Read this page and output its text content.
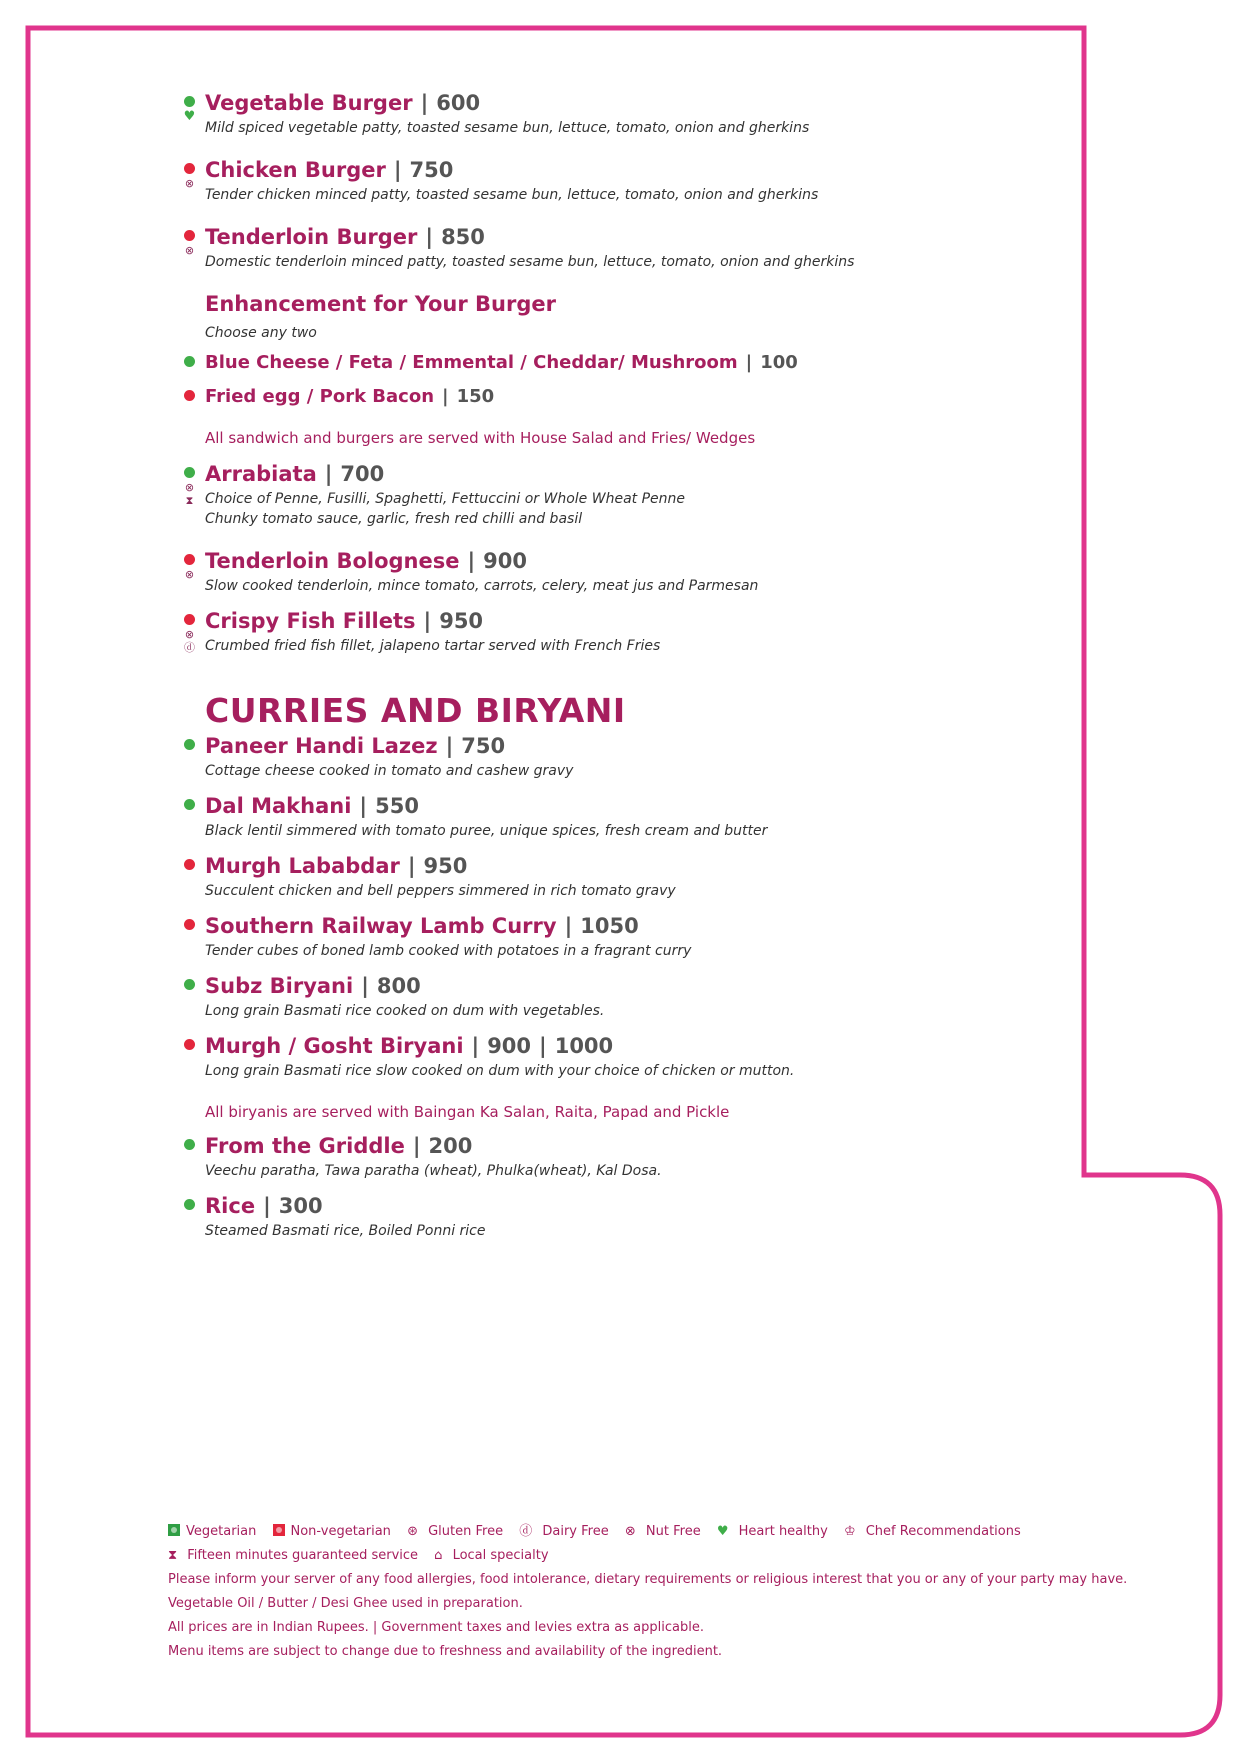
♥
Vegetable Burger | 600
Mild spiced vegetable patty, toasted sesame bun, lettuce, tomato, onion and gherkins
⊗
Chicken Burger | 750
Tender chicken minced patty, toasted sesame bun, lettuce, tomato, onion and gherkins
⊗
Tenderloin Burger | 850
Domestic tenderloin minced patty, toasted sesame bun, lettuce, tomato, onion and gherkins
Enhancement for Your Burger
Choose any two
Blue Cheese / Feta / Emmental / Cheddar/ Mushroom | 100
Fried egg / Pork Bacon | 150
All sandwich and burgers are served with House Salad and Fries/ Wedges
⊗
⧗
Arrabiata | 700
Choice of Penne, Fusilli, Spaghetti, Fettuccini or Whole Wheat Penne
Chunky tomato sauce, garlic, fresh red chilli and basil
⊗
Tenderloin Bolognese | 900
Slow cooked tenderloin, mince tomato, carrots, celery, meat jus and Parmesan
⊗
ⓓ
Crispy Fish Fillets | 950
Crumbed fried fish fillet, jalapeno tartar served with French Fries
CURRIES AND BIRYANI
Paneer Handi Lazez | 750
Cottage cheese cooked in tomato and cashew gravy
Dal Makhani | 550
Black lentil simmered with tomato puree, unique spices, fresh cream and butter
Murgh Lababdar | 950
Succulent chicken and bell peppers simmered in rich tomato gravy
Southern Railway Lamb Curry | 1050
Tender cubes of boned lamb cooked with potatoes in a fragrant curry
Subz Biryani | 800
Long grain Basmati rice cooked on dum with vegetables.
Murgh / Gosht Biryani | 900 | 1000
Long grain Basmati rice slow cooked on dum with your choice of chicken or mutton.
All biryanis are served with Baingan Ka Salan, Raita, Papad and Pickle
From the Griddle | 200
Veechu paratha, Tawa paratha (wheat), Phulka(wheat), Kal Dosa.
Rice | 300
Steamed Basmati rice, Boiled Ponni rice
Vegetarian	Non-vegetarian ⊛ Gluten Free ⓓ Dairy Free ⊗ Nut Free ♥ Heart healthy ♔ Chef Recommendations
⧗ Fifteen minutes guaranteed service ⌂ Local specialty
Please inform your server of any food allergies, food intolerance, dietary requirements or religious interest that you or any of your party may have.
Vegetable Oil / Butter / Desi Ghee used in preparation.
All prices are in Indian Rupees. | Government taxes and levies extra as applicable.
Menu items are subject to change due to freshness and availability of the ingredient.
